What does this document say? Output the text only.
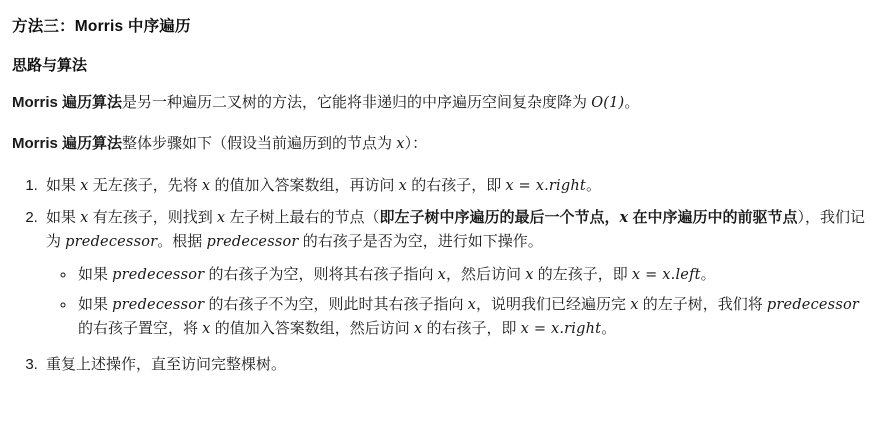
方法三：Morris 中序遍历
思路与算法

Morris 遍历算法是另一种遍历二叉树的方法，它能将非递归的中序遍历空间复杂度降为 O(1)。

Morris 遍历算法整体步骤如下（假设当前遍历到的节点为 x）：

1. 如果 x 无左孩子，先将 x 的值加入答案数组，再访问 x 的右孩子，即 x = x.right。
2. 如果 x 有左孩子，则找到 x 左子树上最右的节点（即左子树中序遍历的最后一个节点，x 在中序遍历中的前驱节点），我们记为 predecessor。根据 predecessor 的右孩子是否为空，进行如下操作。
◦ 如果 predecessor 的右孩子为空，则将其右孩子指向 x，然后访问 x 的左孩子，即 x = x.left。
◦ 如果 predecessor 的右孩子不为空，则此时其右孩子指向 x，说明我们已经遍历完 x 的左子树，我们将 predecessor 的右孩子置空，将 x 的值加入答案数组，然后访问 x 的右孩子，即 x = x.right。
3. 重复上述操作，直至访问完整棵树。
